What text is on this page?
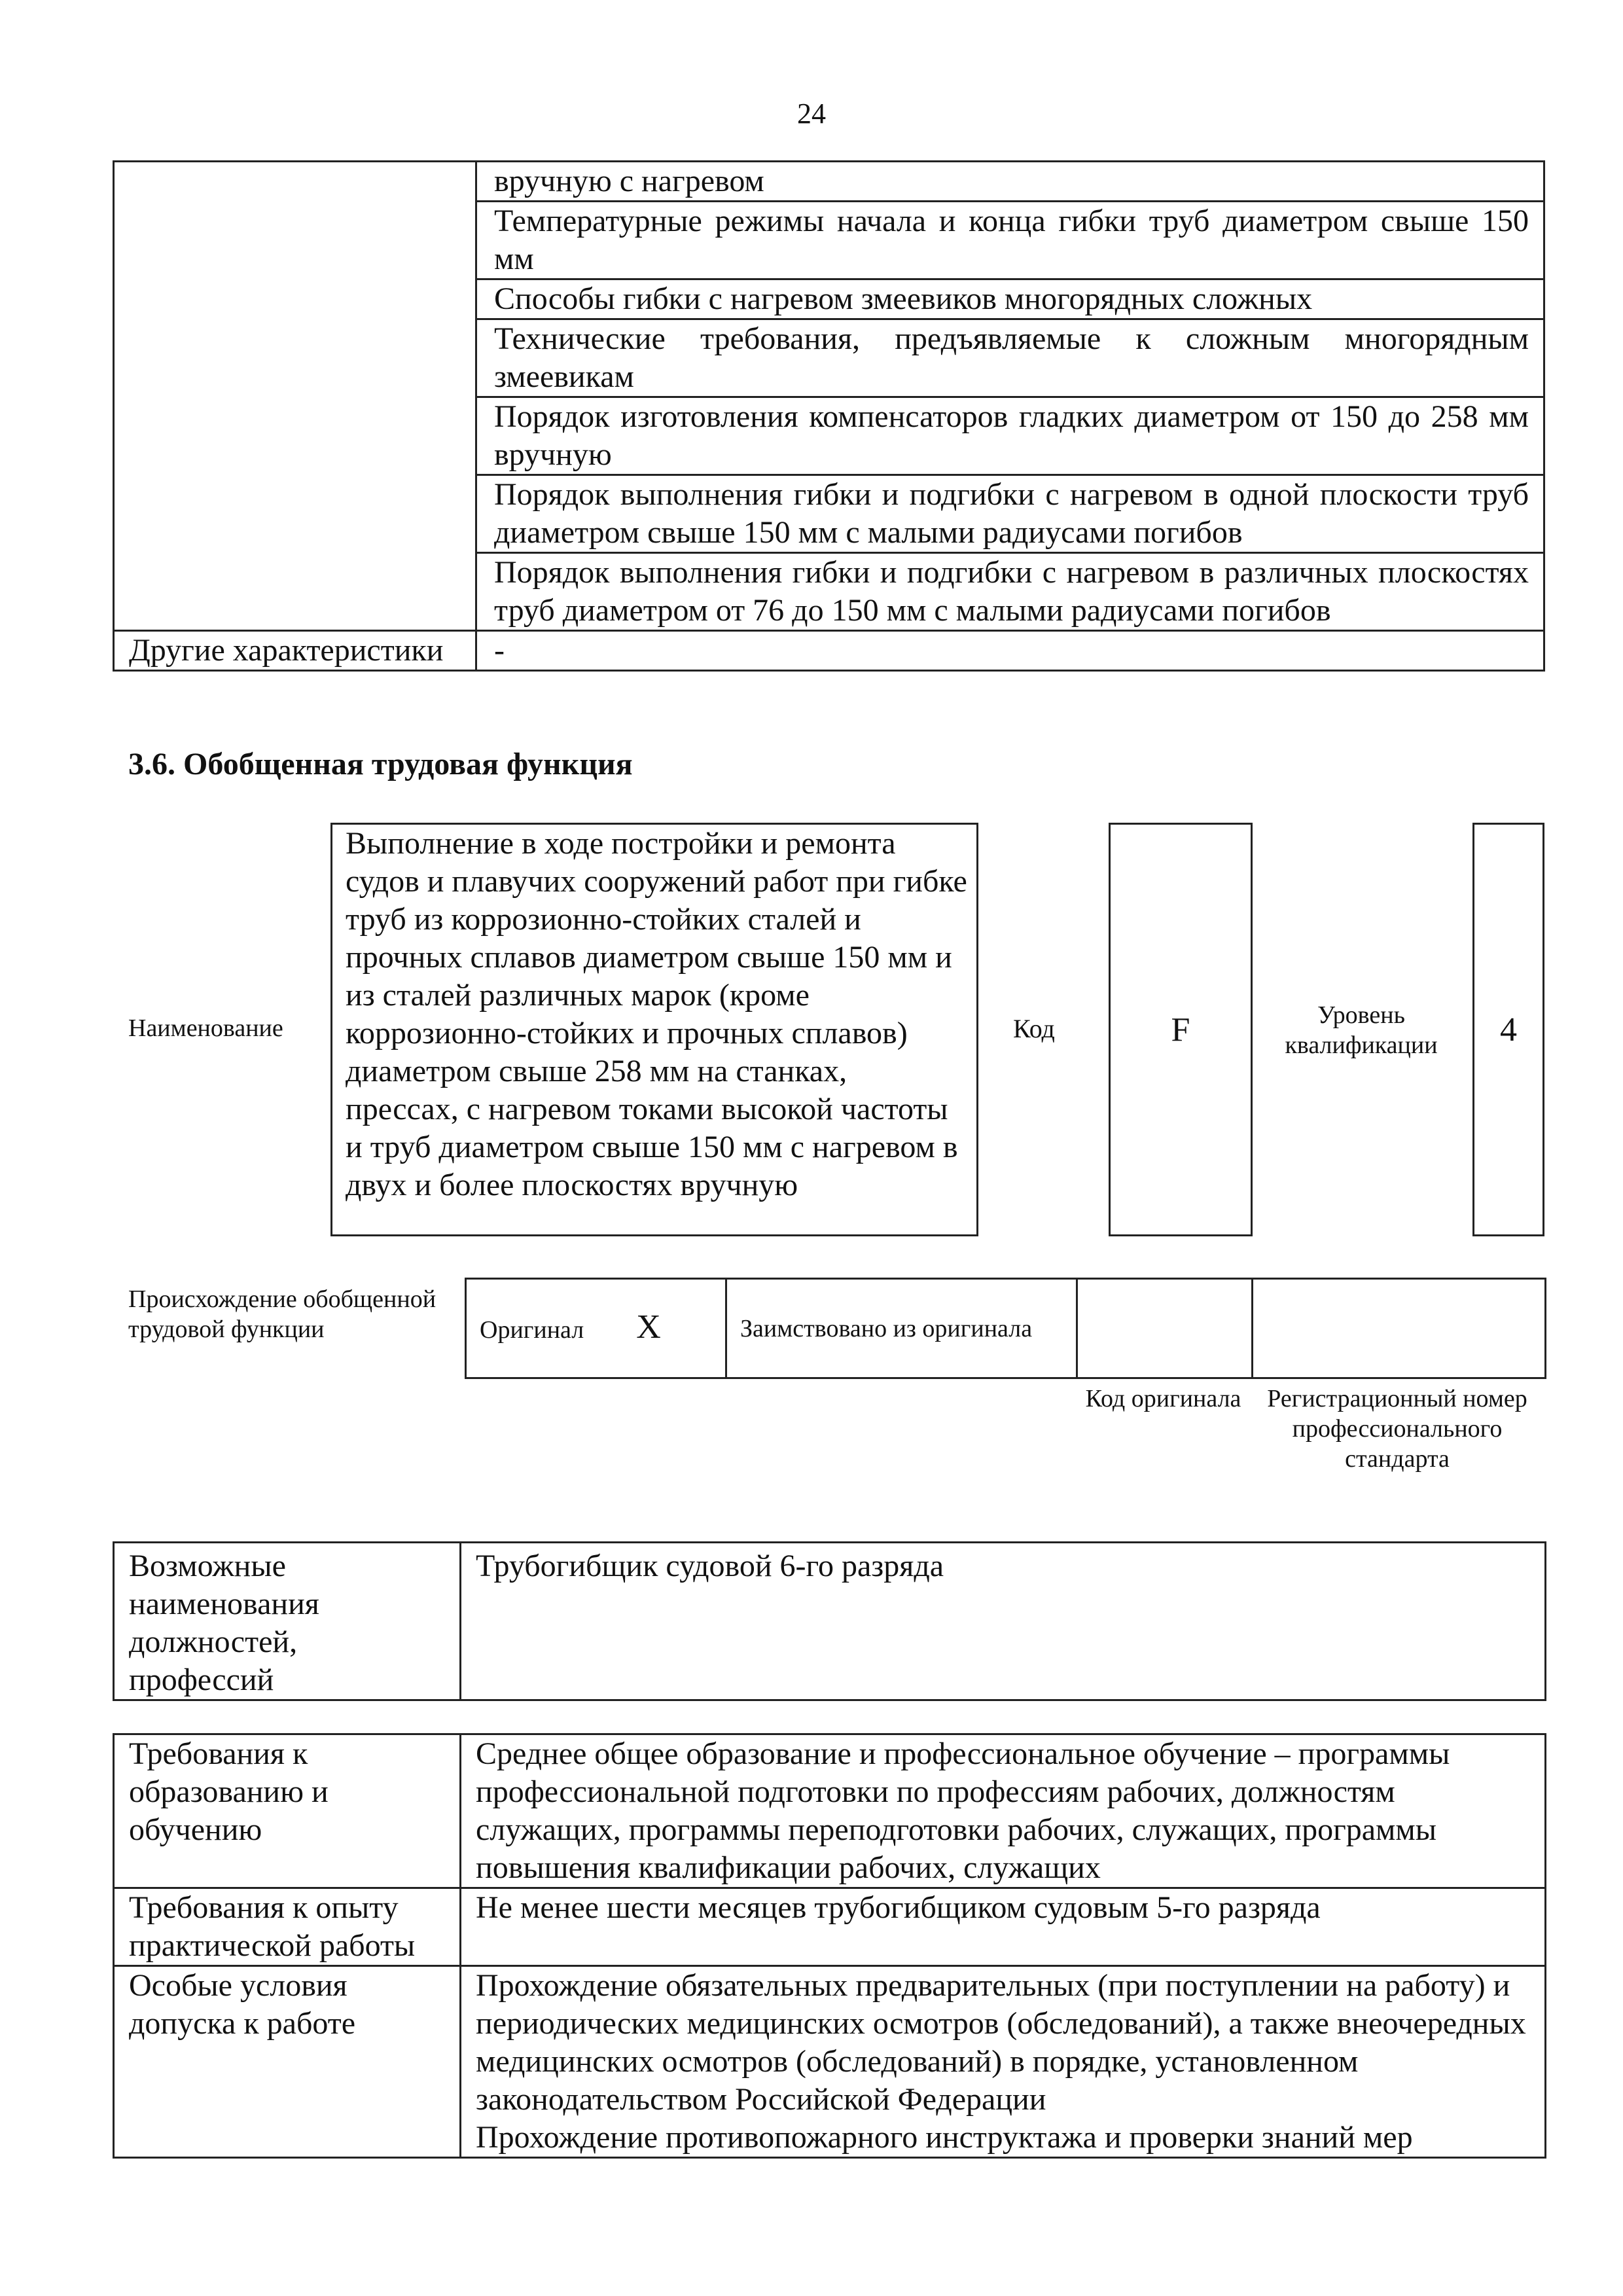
24
	вручную с нагревом
	Температурные режимы начала и конца гибки труб диаметром свыше 150 мм
	Способы гибки с нагревом змеевиков многорядных сложных
	Технические требования, предъявляемые к сложным многорядным змеевикам
	Порядок изготовления компенсаторов гладких диаметром от 150 до 258 мм вручную
	Порядок выполнения гибки и подгибки с нагревом в одной плоскости труб диаметром свыше 150 мм с малыми радиусами погибов
	Порядок выполнения гибки и подгибки с нагревом в различных плоскостях труб диаметром от 76 до 150 мм с малыми радиусами погибов
Другие характеристики	-
3.6. Обобщенная трудовая функция
Наименование
Выполнение в ходе постройки и ремонта судов и плавучих сооружений работ при гибке труб из коррозионно-стойких сталей и прочных сплавов диаметром свыше 150 мм и из сталей различных марок (кроме коррозионно-стойких и прочных сплавов) диаметром свыше 258 мм на станках, прессах, с нагревом токами высокой частоты и труб диаметром свыше 150 мм с нагревом в двух и более плоскостях вручную
Код	F	Уровень квалификации	4
Происхождение обобщенной трудовой функции	Оригинал X	Заимствовано из оригинала		
Код оригинала	Регистрационный номер профессионального стандарта
Возможные наименования должностей, профессий	Трубогибщик судовой 6-го разряда
Требования к образованию и обучению	Среднее общее образование и профессиональное обучение – программы профессиональной подготовки по профессиям рабочих, должностям служащих, программы переподготовки рабочих, служащих, программы повышения квалификации рабочих, служащих
Требования к опыту практической работы	Не менее шести месяцев трубогибщиком судовым 5-го разряда
Особые условия допуска к работе	Прохождение обязательных предварительных (при поступлении на работу) и периодических медицинских осмотров (обследований), а также внеочередных медицинских осмотров (обследований) в порядке, установленном законодательством Российской Федерации
Прохождение противопожарного инструктажа и проверки знаний мер
